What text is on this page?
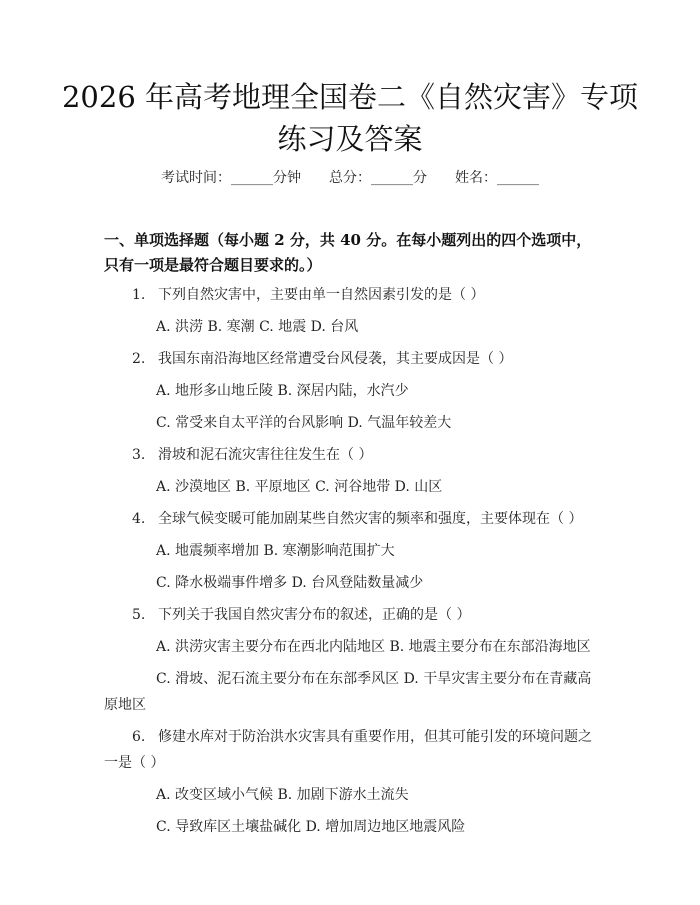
2026 年高考地理全国卷二《自然灾害》专项练习及答案
考试时间：______分钟 总分：______分 姓名：______

一、单项选择题（每小题 2 分，共 40 分。在每小题列出的四个选项中，只有一项是最符合题目要求的。）

1. 下列自然灾害中，主要由单一自然因素引发的是（ ）
A. 洪涝 B. 寒潮 C. 地震 D. 台风
2. 我国东南沿海地区经常遭受台风侵袭，其主要成因是（ ）
A. 地形多山地丘陵 B. 深居内陆，水汽少
C. 常受来自太平洋的台风影响 D. 气温年较差大
3. 滑坡和泥石流灾害往往发生在（ ）
A. 沙漠地区 B. 平原地区 C. 河谷地带 D. 山区
4. 全球气候变暖可能加剧某些自然灾害的频率和强度，主要体现在（ ）
A. 地震频率增加 B. 寒潮影响范围扩大
C. 降水极端事件增多 D. 台风登陆数量减少
5. 下列关于我国自然灾害分布的叙述，正确的是（ ）
A. 洪涝灾害主要分布在西北内陆地区 B. 地震主要分布在东部沿海地区
C. 滑坡、泥石流主要分布在东部季风区 D. 干旱灾害主要分布在青藏高原地区
6. 修建水库对于防治洪水灾害具有重要作用，但其可能引发的环境问题之一是（ ）
A. 改变区域小气候 B. 加剧下游水土流失
C. 导致库区土壤盐碱化 D. 增加周边地区地震风险
